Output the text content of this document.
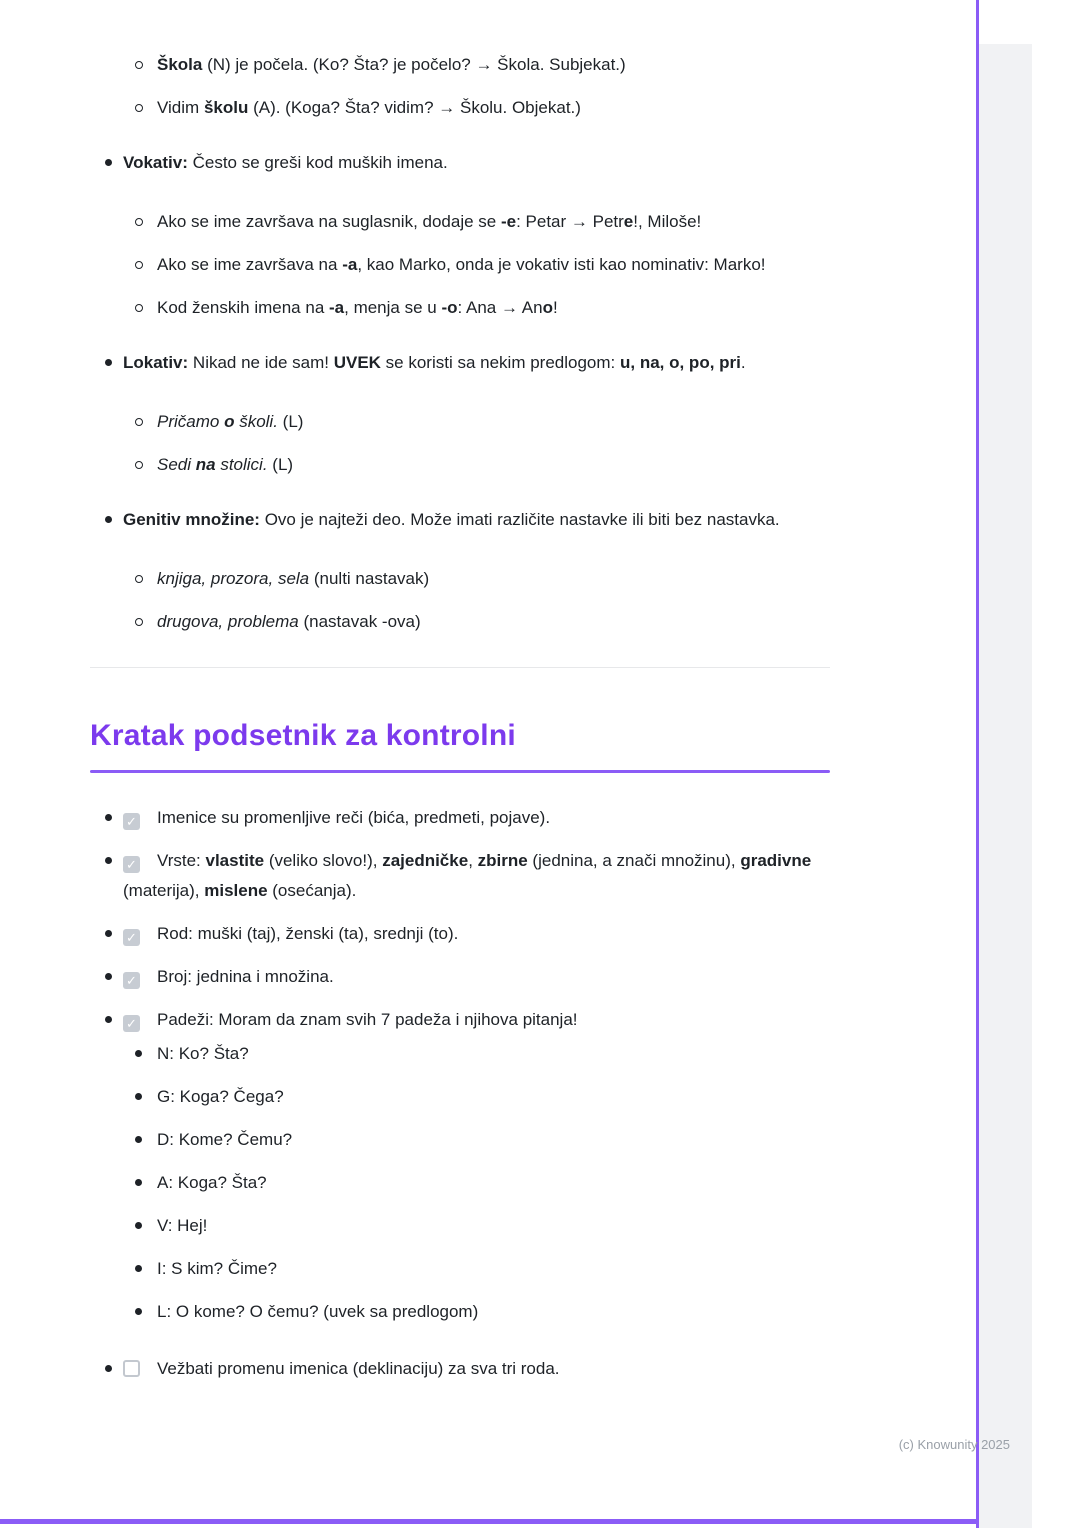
Škola (N) je počela. (Ko? Šta? je počelo? → Škola. Subjekat.)
Vidim školu (A). (Koga? Šta? vidim? → Školu. Objekat.)
Vokativ: Često se greši kod muških imena.
Ako se ime završava na suglasnik, dodaje se -e: Petar → Petre!, Miloše!
Ako se ime završava na -a, kao Marko, onda je vokativ isti kao nominativ: Marko!
Kod ženskih imena na -a, menja se u -o: Ana → Ano!
Lokativ: Nikad ne ide sam! UVEK se koristi sa nekim predlogom: u, na, o, po, pri.
Pričamo o školi. (L)
Sedi na stolici. (L)
Genitiv množine: Ovo je najteži deo. Može imati različite nastavke ili biti bez nastavka.
knjiga, prozora, sela (nulti nastavak)
drugova, problema (nastavak -ova)
Kratak podsetnik za kontrolni
✓ Imenice su promenljive reči (bića, predmeti, pojave).
✓ Vrste: vlastite (veliko slovo!), zajedničke, zbirne (jednina, a znači množinu), gradivne (materija), mislene (osećanja).
✓ Rod: muški (taj), ženski (ta), srednji (to).
✓ Broj: jednina i množina.
✓ Padeži: Moram da znam svih 7 padeža i njihova pitanja!
N: Ko? Šta?
G: Koga? Čega?
D: Kome? Čemu?
A: Koga? Šta?
V: Hej!
I: S kim? Čime?
L: O kome? O čemu? (uvek sa predlogom)
Vežbati promenu imenica (deklinaciju) za sva tri roda.
(c) Knowunity 2025
